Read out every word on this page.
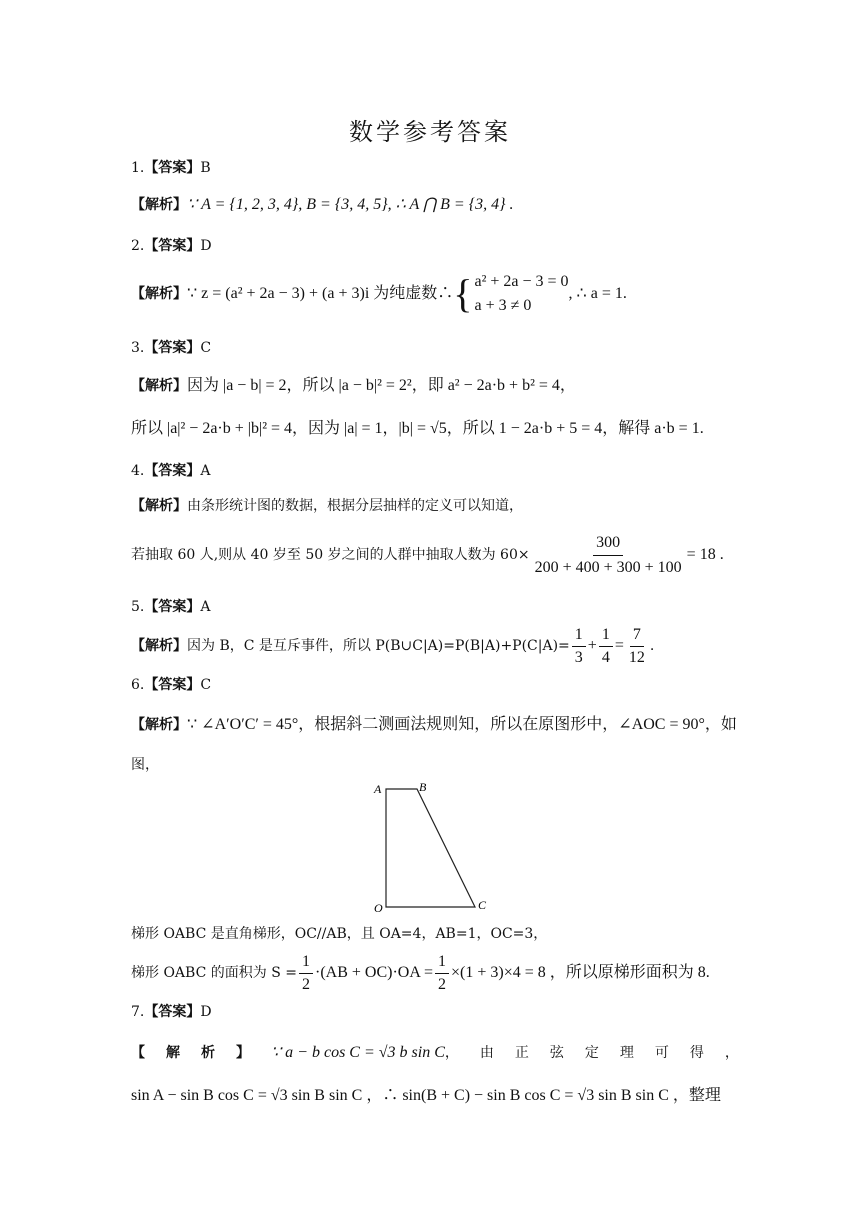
数学参考答案
1.【答案】B
【解析】∵ A = {1, 2, 3, 4}, B = {3, 4, 5}, ∴ A ⋂ B = {3, 4} .
2.【答案】D
【解析】∵ z = (a² + 2a − 3) + (a + 3)i 为纯虚数∴ { a² + 2a − 3 = 0
a + 3 ≠ 0
, ∴ a = 1.
3.【答案】C
【解析】因为 |a − b| = 2，所以 |a − b|² = 2²，即 a² − 2a·b + b² = 4，
所以 |a|² − 2a·b + |b|² = 4，因为 |a| = 1，|b| = √5，所以 1 − 2a·b + 5 = 4，解得 a·b = 1.
4.【答案】A
【解析】由条形统计图的数据，根据分层抽样的定义可以知道，
若抽取 60 人,则从 40 岁至 50 岁之间的人群中抽取人数为 $60\times \frac{300}{200 + 400 + 300 + 100} = 18$ .
5.【答案】A
【解析】因为 B，C 是互斥事件，所以 P(B∪C|A)=P(B|A)+P(C|A)= $\frac{1}{3} + \frac{1}{4} = \frac{7}{12}$ .
6.【答案】C
【解析】∵ ∠A′O′C′ = 45°，根据斜二测画法规则知，所以在原图形中，∠AOC = 90°，如
图，
A	B
O	C
梯形 OABC 是直角梯形，OC//AB，且 OA=4，AB=1，OC=3，
梯形 OABC 的面积为 $S = \frac{1}{2} \cdot(AB + OC)\cdot OA = \frac{1}{2} \times(1 + 3)\times 4 = 8$ ，所以原梯形面积为 8.
7.【答案】D
【解析】∵ a − b cos C = √3 b sin C，由正弦定理可得，
sin A − sin B cos C = √3 sin B sin C ，∴ sin(B + C) − sin B cos C = √3 sin B sin C ，整理
